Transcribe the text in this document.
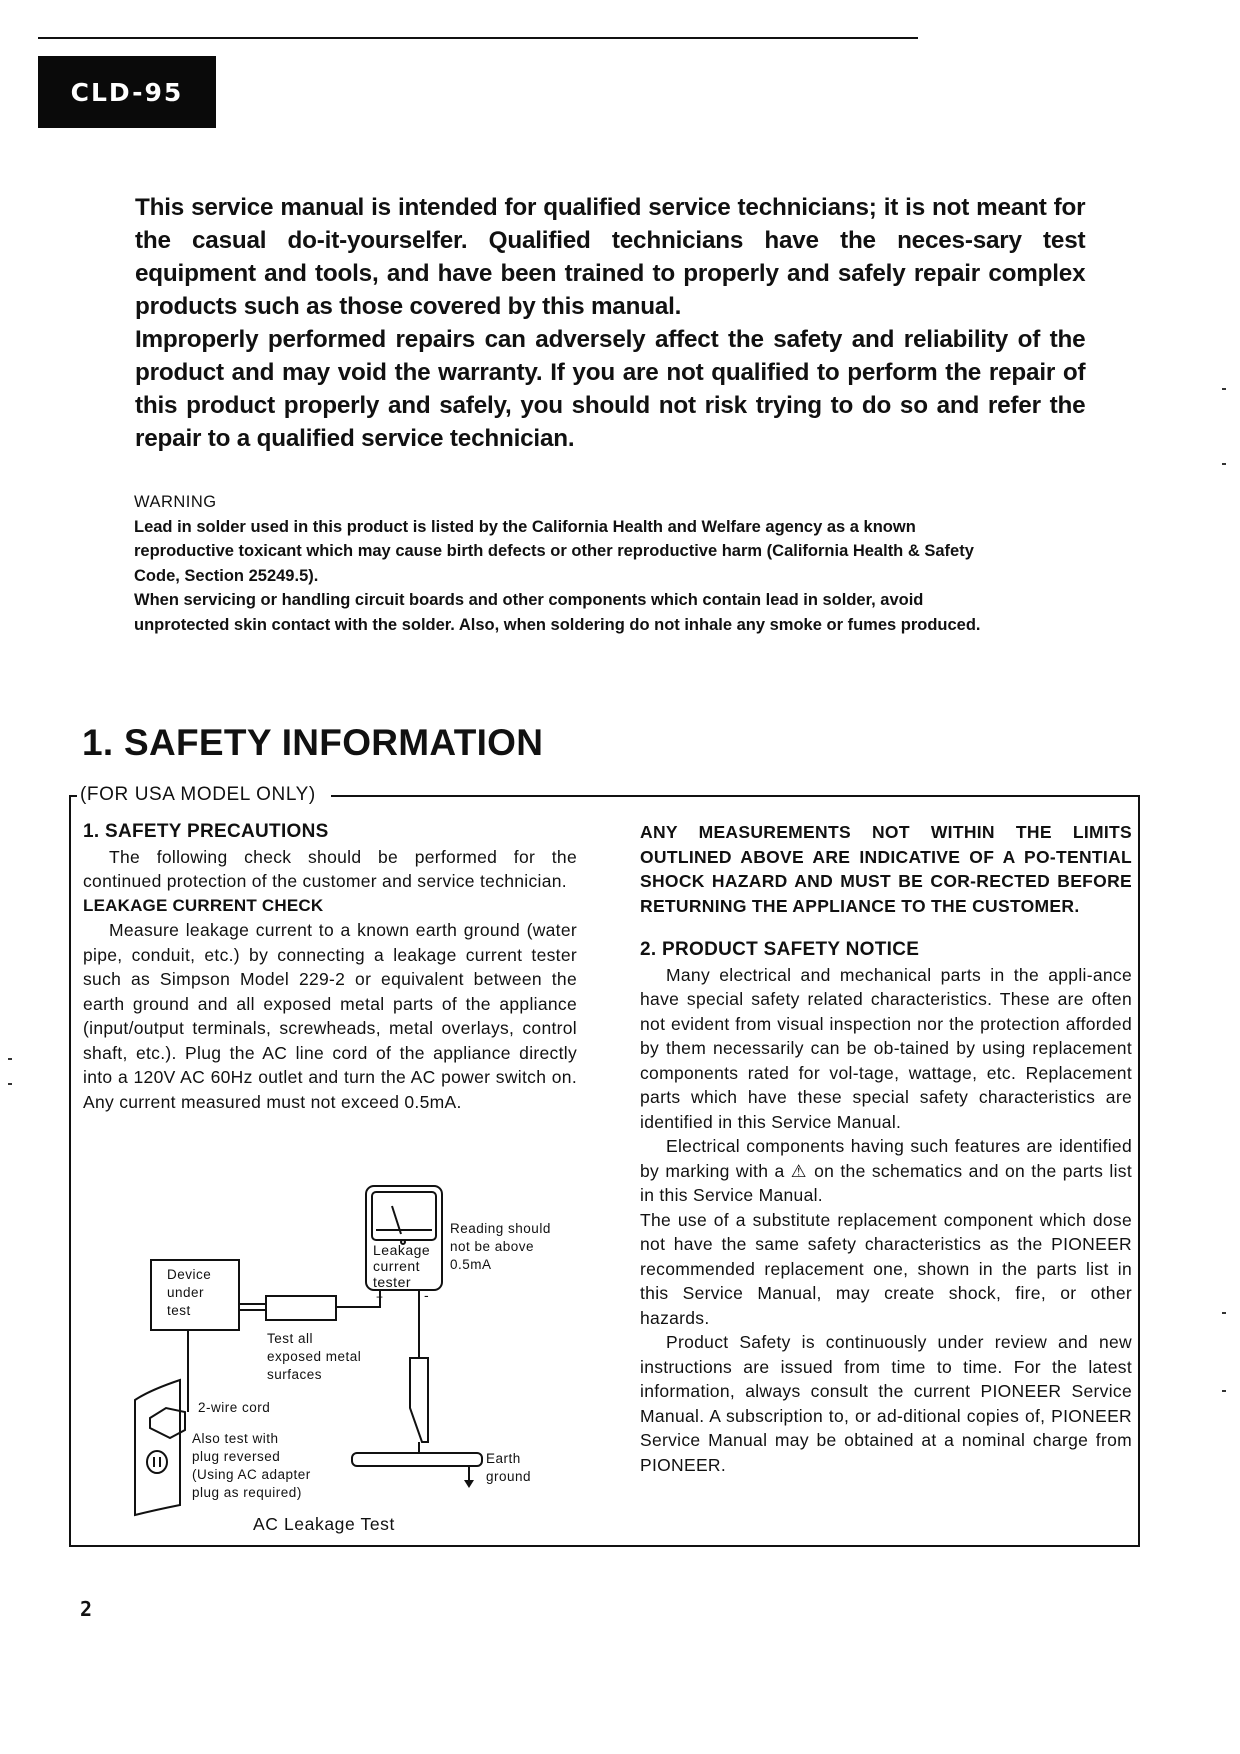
CLD-95

This service manual is intended for qualified service technicians; it is not meant for the casual do-it-yourselfer. Qualified technicians have the neces-sary test equipment and tools, and have been trained to properly and safely repair complex products such as those covered by this manual.

Improperly performed repairs can adversely affect the safety and reliability of the product and may void the warranty. If you are not qualified to perform the repair of this product properly and safely, you should not risk trying to do so and refer the repair to a qualified service technician.

WARNING

Lead in solder used in this product is listed by the California Health and Welfare agency as a known reproductive toxicant which may cause birth defects or other reproductive harm (California Health & Safety Code, Section 25249.5).

When servicing or handling circuit boards and other components which contain lead in solder, avoid unprotected skin contact with the solder. Also, when soldering do not inhale any smoke or fumes produced.

1. SAFETY INFORMATION
(FOR USA MODEL ONLY)

1. SAFETY PRECAUTIONS

The following check should be performed for the continued protection of the customer and service technician.

LEAKAGE CURRENT CHECK

Measure leakage current to a known earth ground (water pipe, conduit, etc.) by connecting a leakage current tester such as Simpson Model 229-2 or equivalent between the earth ground and all exposed metal parts of the appliance (input/output terminals, screwheads, metal overlays, control shaft, etc.). Plug the AC line cord of the appliance directly into a 120V AC 60Hz outlet and turn the AC power switch on. Any current measured must not exceed 0.5mA.

Device
under
test
Leakage
current
tester
Reading should
not be above
0.5mA
Test all
exposed metal
surfaces
+	-
2-wire cord
Also test with
plug reversed
(Using AC adapter
plug as required)
Earth
ground
AC Leakage Test

ANY MEASUREMENTS NOT WITHIN THE LIMITS OUTLINED ABOVE ARE INDICATIVE OF A PO-TENTIAL SHOCK HAZARD AND MUST BE COR-RECTED BEFORE RETURNING THE APPLIANCE TO THE CUSTOMER.

2. PRODUCT SAFETY NOTICE

Many electrical and mechanical parts in the appli-ance have special safety related characteristics. These are often not evident from visual inspection nor the protection afforded by them necessarily can be ob-tained by using replacement components rated for vol-tage, wattage, etc. Replacement parts which have these special safety characteristics are identified in this Service Manual.

Electrical components having such features are identified by marking with a ⚠ on the schematics and on the parts list in this Service Manual.

The use of a substitute replacement component which dose not have the same safety characteristics as the PIONEER recommended replacement one, shown in the parts list in this Service Manual, may create shock, fire, or other hazards.

Product Safety is continuously under review and new instructions are issued from time to time. For the latest information, always consult the current PIONEER Service Manual. A subscription to, or ad-ditional copies of, PIONEER Service Manual may be obtained at a nominal charge from PIONEER.

2
